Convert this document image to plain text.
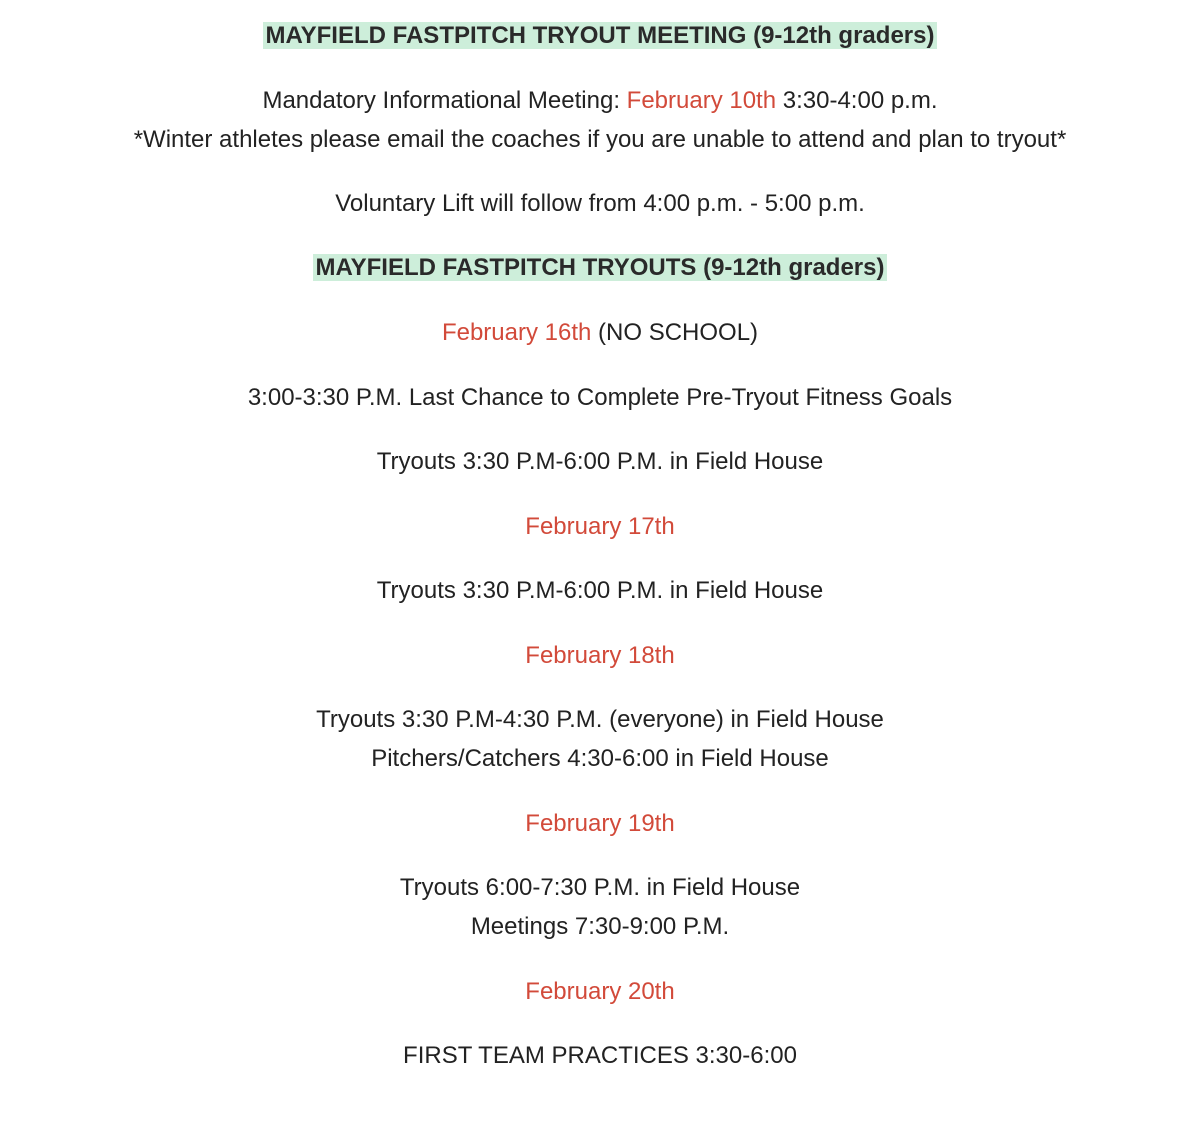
MAYFIELD FASTPITCH TRYOUT MEETING (9-12th graders)
Mandatory Informational Meeting: February 10th 3:30-4:00 p.m.
*Winter athletes please email the coaches if you are unable to attend and plan to tryout*
Voluntary Lift will follow from 4:00 p.m. - 5:00 p.m.
MAYFIELD FASTPITCH TRYOUTS (9-12th graders)
February 16th (NO SCHOOL)
3:00-3:30 P.M. Last Chance to Complete Pre-Tryout Fitness Goals
Tryouts 3:30 P.M-6:00 P.M. in Field House
February 17th
Tryouts 3:30 P.M-6:00 P.M. in Field House
February 18th
Tryouts 3:30 P.M-4:30 P.M. (everyone) in Field House
Pitchers/Catchers 4:30-6:00 in Field House
February 19th
Tryouts 6:00-7:30 P.M. in Field House
Meetings 7:30-9:00 P.M.
February 20th
FIRST TEAM PRACTICES 3:30-6:00
